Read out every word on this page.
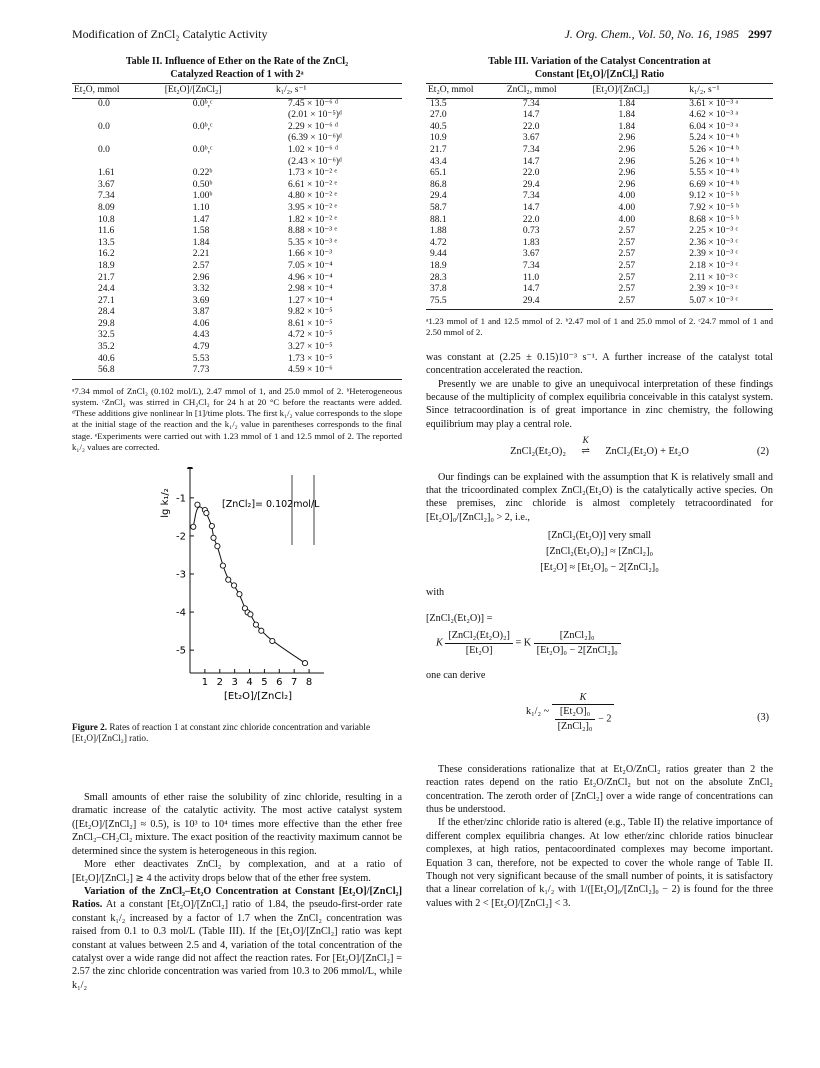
Modification of ZnCl₂ Catalytic Activity	J. Org. Chem., Vol. 50, No. 16, 1985 2997
Table II. Influence of Ether on the Rate of the ZnCl₂
Catalyzed Reaction of 1 with 2ᵃ
Et₂O, mmol	[Et₂O]/[ZnCl₂]	k₁/₂, s⁻¹
0.0	0.0ᵇ,ᶜ	7.45 × 10⁻⁶ ᵈ
		(2.01 × 10⁻⁵)ᵈ
0.0	0.0ᵇ,ᶜ	2.29 × 10⁻⁶ ᵈ
		(6.39 × 10⁻⁶)ᵈ
0.0	0.0ᵇ,ᶜ	1.02 × 10⁻⁶ ᵈ
		(2.43 × 10⁻⁶)ᵈ
1.61	0.22ᵇ	1.73 × 10⁻² ᵉ
3.67	0.50ᵇ	6.61 × 10⁻² ᵉ
7.34	1.00ᵇ	4.80 × 10⁻² ᵉ
8.09	1.10	3.95 × 10⁻² ᵉ
10.8	1.47	1.82 × 10⁻² ᵉ
11.6	1.58	8.88 × 10⁻³ ᵉ
13.5	1.84	5.35 × 10⁻³ ᵉ
16.2	2.21	1.66 × 10⁻³
18.9	2.57	7.05 × 10⁻⁴
21.7	2.96	4.96 × 10⁻⁴
24.4	3.32	2.98 × 10⁻⁴
27.1	3.69	1.27 × 10⁻⁴
28.4	3.87	9.82 × 10⁻⁵
29.8	4.06	8.61 × 10⁻⁵
32.5	4.43	4.72 × 10⁻⁵
35.2	4.79	3.27 × 10⁻⁵
40.6	5.53	1.73 × 10⁻⁵
56.8	7.73	4.59 × 10⁻⁶
ᵃ7.34 mmol of ZnCl₂ (0.102 mol/L), 2.47 mmol of 1, and 25.0 mmol of 2. ᵇHeterogeneous system. ᶜZnCl₂ was stirred in CH₂Cl₂ for 24 h at 20 °C before the reactants were added. ᵈThese additions give nonlinear ln [1]/time plots. The first k₁/₂ value corresponds to the slope at the initial stage of the reaction and the k₁/₂ value in parentheses corresponds to the final stage. ᵉExperiments were carried out with 1.23 mmol of 1 and 12.5 mmol of 2. The reported k₁/₂ values are corrected.
1 2 3 4 5 6 7 8
-1
-2
-3
-4
-5
lg k₁/₂
[Et₂O]/[ZnCl₂]
[ZnCl₂]= 0.102mol/L
Figure 2. Rates of reaction 1 at constant zinc chloride concentration and variable [Et₂O]/[ZnCl₂] ratio.

Small amounts of ether raise the solubility of zinc chloride, resulting in a dramatic increase of the catalytic activity. The most active catalyst system ([Et₂O]/[ZnCl₂] ≈ 0.5), is 10³ to 10⁴ times more effective than the ether free ZnCl₂–CH₂Cl₂ mixture. The exact position of the reactivity maximum cannot be determined since the system is heterogeneous in this region.

More ether deactivates ZnCl₂ by complexation, and at a ratio of [Et₂O]/[ZnCl₂] ≳ 4 the activity drops below that of the ether free system.

Variation of the ZnCl₂–Et₂O Concentration at Constant [Et₂O]/[ZnCl₂] Ratios. At a constant [Et₂O]/[ZnCl₂] ratio of 1.84, the pseudo-first-order rate constant k₁/₂ increased by a factor of 1.7 when the ZnCl₂ concentration was raised from 0.1 to 0.3 mol/L (Table III). If the [Et₂O]/[ZnCl₂] ratio was kept constant at values between 2.5 and 4, variation of the total concentration of the catalyst over a wide range did not affect the reaction rates. For [Et₂O]/[ZnCl₂] = 2.57 the zinc chloride concentration was varied from 10.3 to 206 mmol/L, while k₁/₂

Table III. Variation of the Catalyst Concentration at
Constant [Et₂O]/[ZnCl₂] Ratio
Et₂O, mmol	ZnCl₂, mmol	[Et₂O]/[ZnCl₂]	k₁/₂, s⁻¹
13.5	7.34	1.84	3.61 × 10⁻³ ᵃ
27.0	14.7	1.84	4.62 × 10⁻³ ᵃ
40.5	22.0	1.84	6.04 × 10⁻³ ᵃ
10.9	3.67	2.96	5.24 × 10⁻⁴ ᵇ
21.7	7.34	2.96	5.26 × 10⁻⁴ ᵇ
43.4	14.7	2.96	5.26 × 10⁻⁴ ᵇ
65.1	22.0	2.96	5.55 × 10⁻⁴ ᵇ
86.8	29.4	2.96	6.69 × 10⁻⁴ ᵇ
29.4	7.34	4.00	9.12 × 10⁻⁵ ᵇ
58.7	14.7	4.00	7.92 × 10⁻⁵ ᵇ
88.1	22.0	4.00	8.68 × 10⁻⁵ ᵇ
1.88	0.73	2.57	2.25 × 10⁻³ ᶜ
4.72	1.83	2.57	2.36 × 10⁻³ ᶜ
9.44	3.67	2.57	2.39 × 10⁻³ ᶜ
18.9	7.34	2.57	2.18 × 10⁻³ ᶜ
28.3	11.0	2.57	2.11 × 10⁻³ ᶜ
37.8	14.7	2.57	2.39 × 10⁻³ ᶜ
75.5	29.4	2.57	5.07 × 10⁻³ ᶜ
ᵃ1.23 mmol of 1 and 12.5 mmol of 2. ᵇ2.47 mol of 1 and 25.0 mmol of 2. ᶜ24.7 mmol of 1 and 2.50 mmol of 2.

was constant at (2.25 ± 0.15)10⁻³ s⁻¹. A further increase of the catalyst total concentration accelerated the reaction.

Presently we are unable to give an unequivocal interpretation of these findings because of the multiplicity of complex equilibria conceivable in this catalyst system. Since tetracoordination is of great importance in zinc chemistry, the following equilibrium may play a central role.

ZnCl₂(Et₂O)₂
K
⇌ ZnCl₂(Et₂O) + Et₂O	(2)

Our findings can be explained with the assumption that K is relatively small and that the tricoordinated complex ZnCl₂(Et₂O) is the catalytically active species. On these premises, zinc chloride is almost completely tetracoordinated for [Et₂O]₀/[ZnCl₂]₀ > 2, i.e.,

[ZnCl₂(Et₂O)] very small
[ZnCl₂(Et₂O)₂] ≈ [ZnCl₂]₀
[Et₂O] ≈ [Et₂O]₀ − 2[ZnCl₂]₀
with
[ZnCl₂(Et₂O)] =
K $\frac{\text{[ZnCl₂(Et₂O)₂]}}{\text{[Et₂O]}} = K \frac{\text{[ZnCl₂]₀}}{\text{[Et₂O]₀ − 2[ZnCl₂]₀}}$
one can derive
k₁/₂ ~ $\frac{K}{\frac{\text{[Et₂O]₀}}{\text{[ZnCl₂]₀}} - 2}$	(3)

These considerations rationalize that at Et₂O/ZnCl₂ ratios greater than 2 the reaction rates depend on the ratio Et₂O/ZnCl₂ but not on the absolute ZnCl₂ concentration. The zeroth order of [ZnCl₂] over a wide range of concentrations can thus be understood.

If the ether/zinc chloride ratio is altered (e.g., Table II) the relative importance of different complex equilibria changes. At low ether/zinc chloride ratios binuclear complexes, at high ratios, pentacoordinated complexes may become important. Equation 3 can, therefore, not be expected to cover the whole range of Table II. Though not very significant because of the small number of points, it is satisfactory that a linear correlation of k₁/₂ with 1/([Et₂O]₀/[ZnCl₂]₀ − 2) is found for the three values with 2 < [Et₂O]/[ZnCl₂] < 3.
